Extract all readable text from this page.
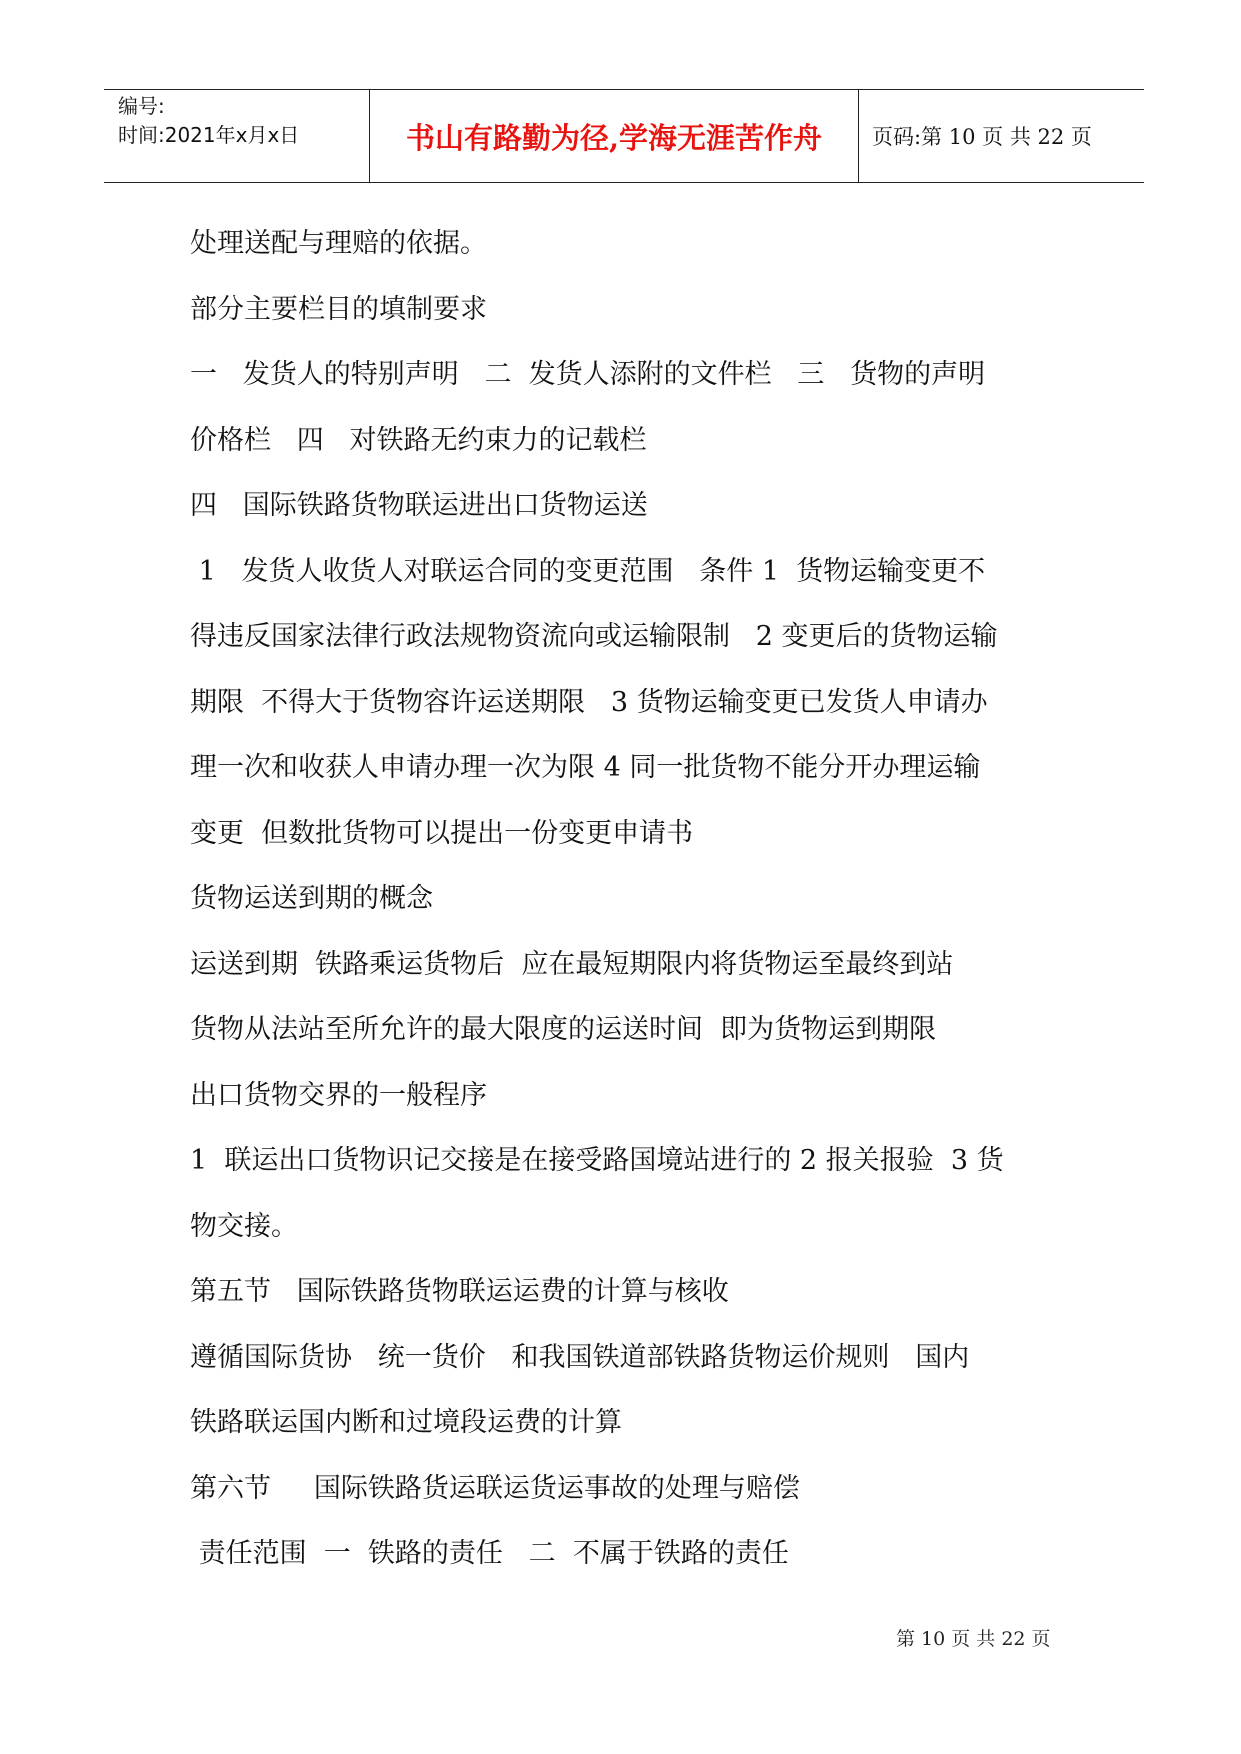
编号:
时间:2021年x月x日	书山有路勤为径,学海无涯苦作舟	页码:第 10 页 共 22 页
处理送配与理赔的依据。
部分主要栏目的填制要求
一   发货人的特别声明   二  发货人添附的文件栏   三   货物的声明
价格栏   四   对铁路无约束力的记载栏
四   国际铁路货物联运进出口货物运送
1   发货人收货人对联运合同的变更范围   条件 1  货物运输变更不
得违反国家法律行政法规物资流向或运输限制   2 变更后的货物运输
期限  不得大于货物容许运送期限   3 货物运输变更已发货人申请办
理一次和收获人申请办理一次为限 4 同一批货物不能分开办理运输
变更  但数批货物可以提出一份变更申请书
货物运送到期的概念
运送到期  铁路乘运货物后  应在最短期限内将货物运至最终到站
货物从法站至所允许的最大限度的运送时间  即为货物运到期限
出口货物交界的一般程序
1  联运出口货物识记交接是在接受路国境站进行的 2 报关报验  3 货
物交接。
第五节   国际铁路货物联运运费的计算与核收
遵循国际货协   统一货价   和我国铁道部铁路货物运价规则   国内
铁路联运国内断和过境段运费的计算
第六节     国际铁路货运联运货运事故的处理与赔偿
责任范围  一  铁路的责任   二  不属于铁路的责任
第 10 页 共 22 页
